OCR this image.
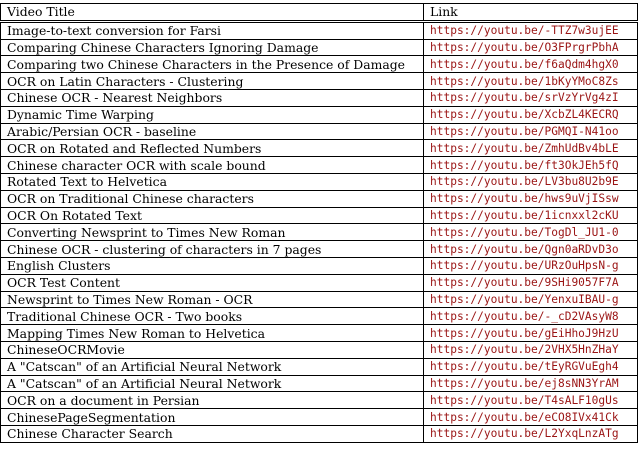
Video Title	Link
Image-to-text conversion for Farsi	https://youtu.be/-TTZ7w3ujEE
Comparing Chinese Characters Ignoring Damage	https://youtu.be/O3FPrgrPbhA
Comparing two Chinese Characters in the Presence of Damage	https://youtu.be/f6aQdm4hgX0
OCR on Latin Characters - Clustering	https://youtu.be/1bKyYMoC8Zs
Chinese OCR - Nearest Neighbors	https://youtu.be/srVzYrVg4zI
Dynamic Time Warping	https://youtu.be/XcbZL4KECRQ
Arabic/Persian OCR - baseline	https://youtu.be/PGMQI-N41oo
OCR on Rotated and Reflected Numbers	https://youtu.be/ZmhUdBv4bLE
Chinese character OCR with scale bound	https://youtu.be/ft3OkJEh5fQ
Rotated Text to Helvetica	https://youtu.be/LV3bu8U2b9E
OCR on Traditional Chinese characters	https://youtu.be/hws9uVjISsw
OCR On Rotated Text	https://youtu.be/1icnxxl2cKU
Converting Newsprint to Times New Roman	https://youtu.be/TogDl_JU1-0
Chinese OCR - clustering of characters in 7 pages	https://youtu.be/Qgn0aRDvD3o
English Clusters	https://youtu.be/URzOuHpsN-g
OCR Test Content	https://youtu.be/9SHi9057F7A
Newsprint to Times New Roman - OCR	https://youtu.be/YenxuIBAU-g
Traditional Chinese OCR - Two books	https://youtu.be/-_cD2VAsyW8
Mapping Times New Roman to Helvetica	https://youtu.be/gEiHhoJ9HzU
ChineseOCRMovie	https://youtu.be/2VHX5HnZHaY
A "Catscan" of an Artificial Neural Network	https://youtu.be/tEyRGVuEgh4
A "Catscan" of an Artificial Neural Network	https://youtu.be/ej8sNN3YrAM
OCR on a document in Persian	https://youtu.be/T4sALF10gUs
ChinesePageSegmentation	https://youtu.be/eCO8IVx41Ck
Chinese Character Search	https://youtu.be/L2YxqLnzATg
